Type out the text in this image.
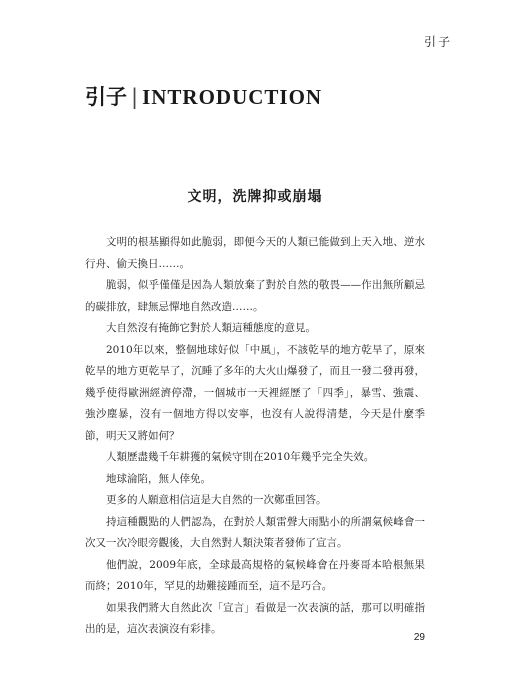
引子
引子 | INTRODUCTION
文明，洗牌抑或崩塌

文明的根基顯得如此脆弱，即便今天的人類已能做到上天入地、逆水行舟、偷天換日……。

脆弱，似乎僅僅是因為人類放棄了對於自然的敬畏——作出無所顧忌的碳排放，肆無忌憚地自然改造……。

大自然沒有掩飾它對於人類這種態度的意見。

2010年以來，整個地球好似「中風」，不該乾旱的地方乾旱了，原來乾旱的地方更乾旱了，沉睡了多年的大火山爆發了，而且一發二發再發，幾乎使得歐洲經濟停滯，一個城市一天裡經歷了「四季」，暴雪、強震、強沙塵暴，沒有一個地方得以安寧，也沒有人說得清楚，今天是什麼季節，明天又將如何？

人類歷盡幾千年耕獲的氣候守則在2010年幾乎完全失效。

地球淪陷，無人倖免。

更多的人願意相信這是大自然的一次鄭重回答。

持這種觀點的人們認為，在對於人類雷聲大雨點小的所謂氣候峰會一次又一次冷眼旁觀後，大自然對人類決策者發佈了宣言。

他們說，2009年底，全球最高規格的氣候峰會在丹麥哥本哈根無果而終；2010年，罕見的劫難接踵而至，這不是巧合。

如果我們將大自然此次「宣言」看做是一次表演的話，那可以明確指出的是，這次表演沒有彩排。

29
